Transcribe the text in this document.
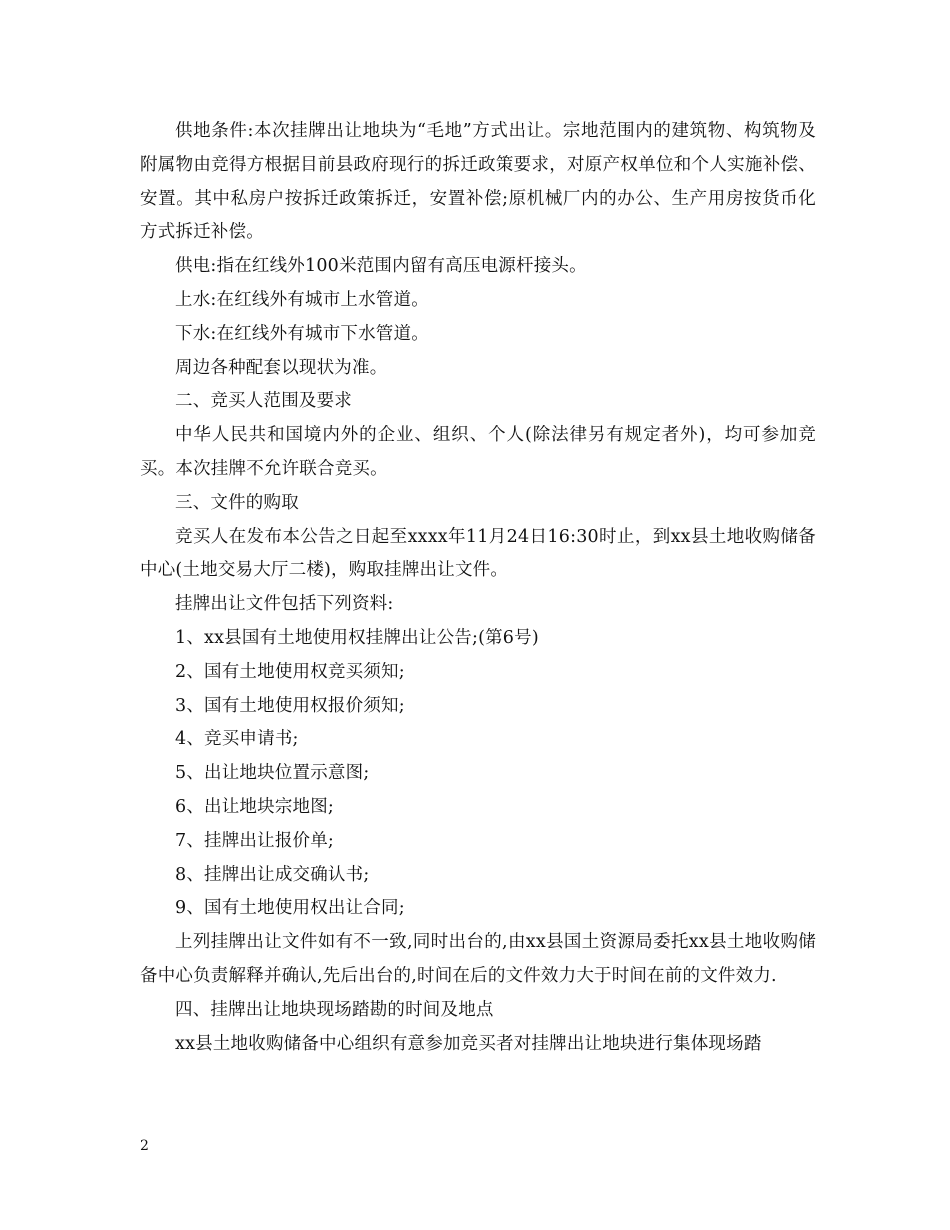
供地条件:本次挂牌出让地块为“毛地”方式出让。宗地范围内的建筑物、构筑物及附属物由竞得方根据目前县政府现行的拆迁政策要求，对原产权单位和个人实施补偿、安置。其中私房户按拆迁政策拆迁，安置补偿;原机械厂内的办公、生产用房按货币化方式拆迁补偿。

供电:指在红线外100米范围内留有高压电源杆接头。

上水:在红线外有城市上水管道。

下水:在红线外有城市下水管道。

周边各种配套以现状为准。

二、竞买人范围及要求

中华人民共和国境内外的企业、组织、个人(除法律另有规定者外)，均可参加竞买。本次挂牌不允许联合竞买。

三、文件的购取

竞买人在发布本公告之日起至xxxx年11月24日16:30时止，到xx县土地收购储备中心(土地交易大厅二楼)，购取挂牌出让文件。

挂牌出让文件包括下列资料:

1、xx县国有土地使用权挂牌出让公告;(第6号)

2、国有土地使用权竞买须知;

3、国有土地使用权报价须知;

4、竞买申请书;

5、出让地块位置示意图;

6、出让地块宗地图;

7、挂牌出让报价单;

8、挂牌出让成交确认书;

9、国有土地使用权出让合同;

上列挂牌出让文件如有不一致,同时出台的,由xx县国土资源局委托xx县土地收购储备中心负责解释并确认,先后出台的,时间在后的文件效力大于时间在前的文件效力.

四、挂牌出让地块现场踏勘的时间及地点

xx县土地收购储备中心组织有意参加竞买者对挂牌出让地块进行集体现场踏

2
